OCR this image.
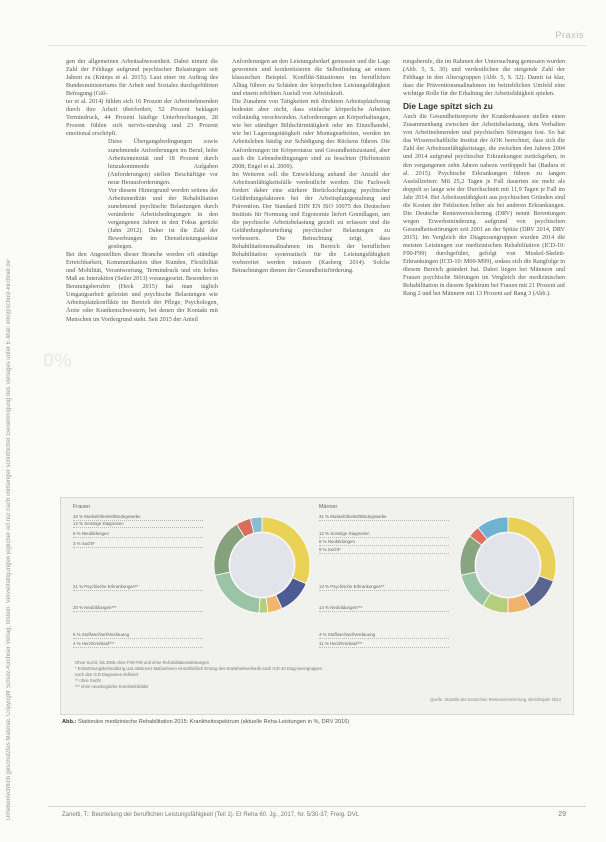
Praxis
Urheberrechtlich geschütztes Material. Copyright Schulz-Kirchner Verlag, Idstein. Vervielfältigungen jeglicher Art nur nach vorheriger schriftlicher Genehmigung des Verlages unter E-Mail: info@schulz-kirchner.de 0%

gen der allgemeinen Arbeitsabwesenheit. Dabei nimmt die Zahl der Fehltage aufgrund psychischer Belastungen seit Jahren zu (Knieps et al. 2015). Laut einer im Auftrag des Bundesministeriums für Arbeit und Soziales durchgeführten Befragung (Gül-

ter et al. 2014) fühlen sich 16 Prozent der Arbeitnehmenden durch ihre Arbeit überfordert, 52 Prozent beklagen Termindruck, 44 Prozent häufige Unterbrechungen, 28 Prozent fühlen sich nervös-unruhig und 23 Prozent emotional erschöpft.

Diese Übergangsbedingungen sowie zunehmende Anforderungen im Beruf, hohe Arbeitsintensität und 18 Prozent durch hinzukommende Aufgaben (Anforderungen) stellen Beschäftigte vor neue Herausforderungen.

Vor diesem Hintergrund werden seitens der Arbeitsmedizin und der Rehabilitation zunehmend psychische Belastungen durch veränderte Arbeitsbedingungen in den vergangenen Jahren in den Fokus gerückt (Jahn 2012). Daher ist die Zahl der Bewerbungen im Dienstleistungssektor gestiegen.

Bei den Angestellten dieser Branche werden oft ständige Erreichbarkeit, Kommunikation über Kunden, Flexibilität und Mobilität, Verantwortung, Termindruck und ein hohes Maß an Interaktion (Seiler 2013) vorausgesetzt. Besonders in Beratungsberufen (Heck 2015) hat man täglich Umgangsarbeit geleistet und psychische Belastungen wie Arbeitsplatzkonflikte im Bereich der Pflege, Psychologen, Ärzte oder Krankenschwestern, bei denen der Kontakt mit Menschen im Vordergrund steht. Seit 2015 der Anteil

Anforderungen an den Leistungsbedarf gemessen und die Lage gewonnen und konkretisieren die Selbstfindung an einem klassischen Beispiel. Konflikt-Situationen im beruflichen Alltag führen zu Schäden der körperlichen Leistungsfähigkeit und einem erhöhten Ausfall von Arbeitskraft.

Die Zunahme von Tätigkeiten mit direktem Arbeitsplatzbezug bedeutet aber nicht, dass einfache körperliche Arbeiten vollständig verschwinden. Anforderungen an Körperhaltungen, wie bei ständiger Bildschirmtätigkeit oder im Einzelhandel, wie bei Lagerungstätigkeit oder Montagearbeiten, werden im Arbeitsleben häufig zur Schädigung des Rückens führen. Die Anforderungen im Körperstatus und Gesundheitszustand, aber auch die Lebensbedingungen sind zu beachten (Helfenstein 2008; Engel et al. 2009).

Im Weiteren soll die Entwicklung anhand der Anzahl der Arbeitsunfähigkeitsfälle verdeutlicht werden. Die Fachwelt fordert daher eine stärkere Berücksichtigung psychischer Gefährdungsfaktoren bei der Arbeitsplatzgestaltung und Prävention. Der Standard DIN EN ISO 10075 des Deutschen Instituts für Normung und Ergonomie liefert Grundlagen, um die psychische Arbeitsbelastung gezielt zu erfassen und die Gefährdungsbeurteilung psychischer Belastungen zu verbessern. Die Betrachtung zeigt, dass Rehabilitationsmaßnahmen im Bereich der beruflichen Rehabilitation systematisch für die Leistungsfähigkeit vorbereitet werden müssen (Kasberg 2014). Solche Betrachtungen dienen der Gesundheitsförderung.

rungsberufe, die im Rahmen der Untersuchung gemessen wurden (Abb. 5, S. 30) und verdeutlichen die steigende Zahl der Fehltage in den Altersgruppen (Abb. 5, S. 32). Damit ist klar, dass die Präventionsmaßnahmen im betrieblichen Umfeld eine wichtige Rolle für die Erhaltung der Arbeitsfähigkeit spielen.

Die Lage spitzt sich zu

Auch die Gesundheitsreporte der Krankenkassen stellen einen Zusammenhang zwischen der Arbeitsbelastung, dem Verhalten von Arbeitnehmenden und psychischen Störungen fest. So hat das Wissenschaftliche Institut der AOK berechnet, dass sich die Zahl der Arbeitsunfähigkeitstage, die zwischen den Jahren 2004 und 2014 aufgrund psychischer Erkrankungen zurückgehen, in den vergangenen zehn Jahren nahezu verdoppelt hat (Badura et al. 2015). Psychische Erkrankungen führen zu langen Ausfallzeiten: Mit 25,2 Tagen je Fall dauerten sie mehr als doppelt so lange wie der Durchschnitt mit 11,9 Tagen je Fall im Jahr 2014. Bei Arbeitsunfähigkeit aus psychischen Gründen sind die Kosten der Fehlzeiten höher als bei anderen Erkrankungen. Die Deutsche Rentenversicherung (DRV) nennt Berentungen wegen Erwerbsminderung aufgrund von psychischen Gesundheitsstörungen seit 2001 an der Spitze (DRV 2014, DRV 2015). Im Vergleich der Diagnosengruppen wurden 2014 die meisten Leistungen zur medizinischen Rehabilitation (ICD-10: F00-F99) durchgeführt, gefolgt von Muskel-Skelett-Erkrankungen (ICD-10: M00-M99), sodass sich die Rangfolge in diesem Bereich geändert hat. Dabei liegen bei Männern und Frauen psychische Störungen im Vergleich der medizinischen Rehabilitation in diesem Spektrum bei Frauen mit 21 Prozent auf Rang 2 und bei Männern mit 13 Prozent auf Rang 3 (Abb.).

Frauen
32 % Muskel/Skelett/Bindegewebe
12 % Sonstige Diagnosen
5 % Neubildungen
3 % Sucht*
21 % Psychische Erkrankungen**
20 % Neubildungen***
5 % Stoffwechsel/Verdauung
4 % Herz/Kreislauf***
Männer
31 % Muskel/Skelett/Bindegewebe
12 % Sonstige Diagnosen
8 % Neubildungen
9 % Sucht*
13 % Psychische Erkrankungen**
14 % Neubildungen***
4 % Stoffwechsel/Verdauung
11 % Herz/Kreislauf***
Ohne Sucht, bis 2008 ohne F00-F09 und ohne Rehabilitationsleistungen
* Entwöhnungsbehandlung und abstinenz Maßnahmen einschließlich Entzug des Krankheitsverlaufs nach ICD-10 Diagnosengruppen
nach den ICD-Diagnosen definiert
** ohne Sucht
*** ohne neurologische Krankheitsbilder
Quelle: Statistik der Deutschen Rentenversicherung, Berichtsjahr 2014
Abb.: Stationäre medizinische Rehabilitation 2015: Krankheitsspektrum (aktuelle Reha-Leistungen in %, DRV 2016)
Zanetti, T.: Beurteilung der beruflichen Leistungsfähigkeit (Teil 1). Et Reha 60. Jg., 2017, Nr. 5/30-37, Freig. DVL	29
